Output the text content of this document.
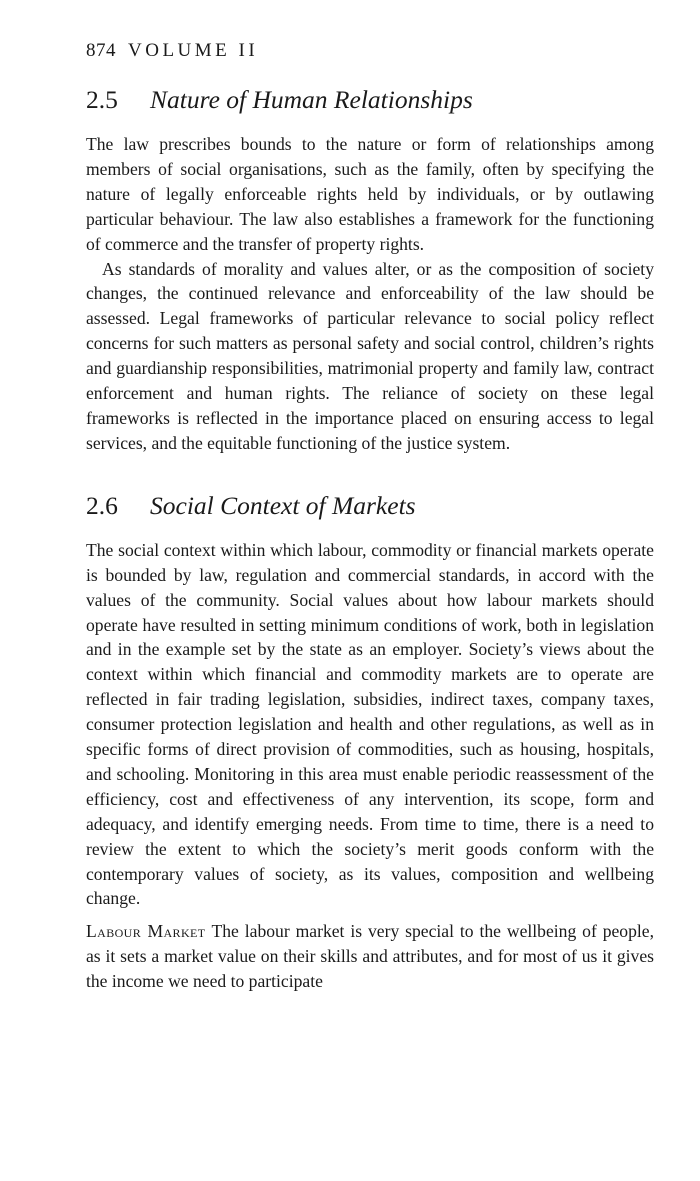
874 VOLUME II
2.5 Nature of Human Relationships

The law prescribes bounds to the nature or form of relationships among members of social organisations, such as the family, often by specifying the nature of legally enforceable rights held by individuals, or by outlawing particular behaviour. The law also establishes a framework for the functioning of commerce and the transfer of property rights.

As standards of morality and values alter, or as the composition of society changes, the continued relevance and enforceability of the law should be assessed. Legal frameworks of particular relevance to social policy reflect concerns for such matters as personal safety and social control, children’s rights and guardianship responsibilities, matrimonial property and family law, contract enforcement and human rights. The reliance of society on these legal frameworks is reflected in the importance placed on ensuring access to legal services, and the equitable functioning of the justice system.

2.6 Social Context of Markets

The social context within which labour, commodity or financial markets operate is bounded by law, regulation and commercial standards, in accord with the values of the community. Social values about how labour markets should operate have resulted in setting minimum conditions of work, both in legislation and in the example set by the state as an employer. Society’s views about the context within which financial and commodity markets are to operate are reflected in fair trading legislation, subsidies, indirect taxes, company taxes, consumer protection legislation and health and other regulations, as well as in specific forms of direct provision of commodities, such as housing, hospitals, and schooling. Monitoring in this area must enable periodic reassessment of the efficiency, cost and effectiveness of any intervention, its scope, form and adequacy, and identify emerging needs. From time to time, there is a need to review the extent to which the society’s merit goods conform with the contemporary values of society, as its values, composition and wellbeing change.

Labour Market The labour market is very special to the wellbeing of people, as it sets a market value on their skills and attributes, and for most of us it gives the income we need to participate
